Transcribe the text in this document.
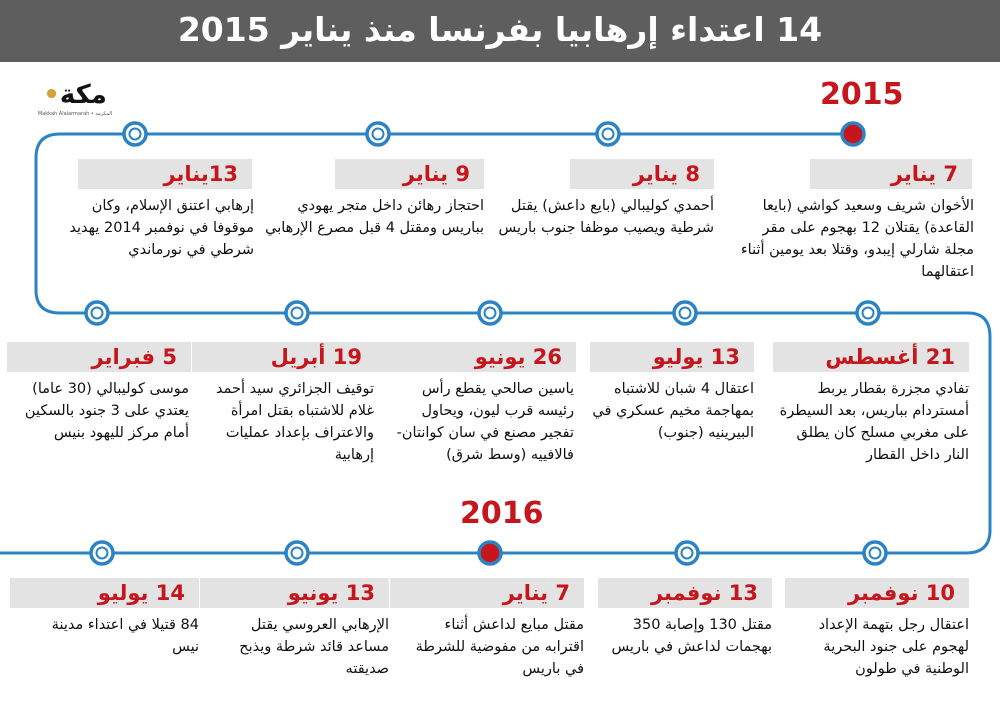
14 اعتداء إرهابيا بفرنسا منذ يناير 2015
مكة•
Makkah Alalarmarah • المكرمة
2015
2016
7 يناير
الأخوان شريف وسعيد كواشي (بايعا القاعدة) يقتلان 12 بهجوم على مقر مجلة شارلي إيبدو، وقتلا بعد يومين أثناء اعتقالهما
8 يناير
أحمدي كوليبالي (بايع داعش) يقتل شرطية ويصيب موظفا جنوب باريس
9 يناير
احتجاز رهائن داخل متجر يهودي بباريس ومقتل 4 قبل مصرع الإرهابي
13يناير
إرهابي اعتنق الإسلام، وكان موقوفا في نوفمبر 2014 يهديد شرطي في نورماندي
21 أغسطس
تفادي مجزرة بقطار يربط أمستردام بباريس، بعد السيطرة على مغربي مسلح كان يطلق النار داخل القطار
13 يوليو
اعتقال 4 شبان للاشتباه بمهاجمة مخيم عسكري في البيرينيه (جنوب)
26 يونيو
ياسين صالحي يقطع رأس رئيسه قرب ليون، ويحاول تفجير مصنع في سان كوانتان- فالافييه (وسط شرق)
19 أبريل
توقيف الجزائري سيد أحمد غلام للاشتباه بقتل امرأة والاعتراف بإعداد عمليات إرهابية
5 فبراير
موسى كوليبالي (30 عاما) يعتدي على 3 جنود بالسكين أمام مركز لليهود بنيس
10 نوفمبر
اعتقال رجل بتهمة الإعداد لهجوم على جنود البحرية الوطنية في طولون
13 نوفمبر
مقتل 130 وإصابة 350 بهجمات لداعش في باريس
7 يناير
مقتل مبايع لداعش أثناء اقترابه من مفوضية للشرطة في باريس
13 يونيو
الإرهابي العروسي يقتل مساعد قائد شرطة ويذبح صديقته
14 يوليو
84 قتيلا في اعتداء مدينة نيس
